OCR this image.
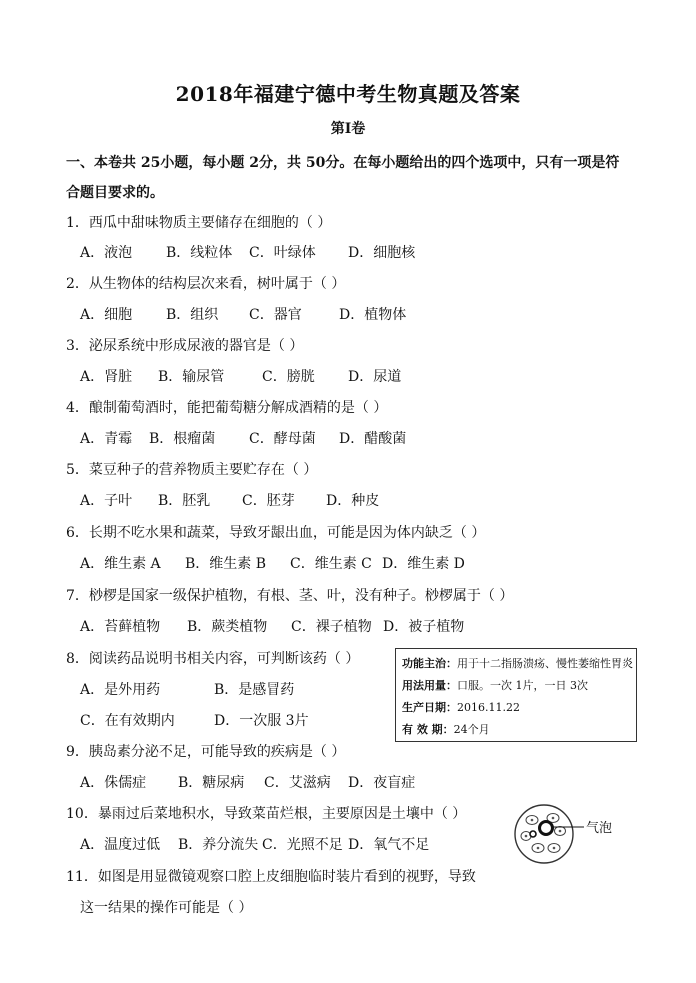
2018年福建宁德中考生物真题及答案
第Ⅰ卷
一、本卷共 25小题，每小题 2分，共 50分。在每小题给出的四个选项中，只有一项是符
合题目要求的。
1．西瓜中甜味物质主要储存在细胞的（ ）
A．液泡 B．线粒体 C．叶绿体 D．细胞核
2．从生物体的结构层次来看，树叶属于（ ）
A．细胞 B．组织 C．器官	D．植物体
3．泌尿系统中形成尿液的器官是（ ）
A．肾脏 B．输尿管	C．膀胱 D．尿道
4．酿制葡萄酒时，能把葡萄糖分解成酒精的是（ ）
A．青霉 B．根瘤菌 C．酵母菌 D．醋酸菌
5．菜豆种子的营养物质主要贮存在（ ）
A．子叶 B．胚乳 C．胚芽 D．种皮
6．长期不吃水果和蔬菜，导致牙龈出血，可能是因为体内缺乏（ ）
A．维生素 A B．维生素 B C．维生素 C D．维生素 D
7．桫椤是国家一级保护植物，有根、茎、叶，没有种子。桫椤属于（ ）
A．苔藓植物 B．蕨类植物 C．裸子植物 D．被子植物
8．阅读药品说明书相关内容，可判断该药（ ）
A．是外用药	B．是感冒药
C．在有效期内	D．一次服 3片
功能主治：用于十二指肠溃疡、慢性萎缩性胃炎
用法用量：口服。一次 1片，一日 3次
生产日期：2016.11.22
有 效 期：24个月
9．胰岛素分泌不足，可能导致的疾病是（ ）
A．侏儒症 B．糖尿病 C．艾滋病 D．夜盲症
10．暴雨过后菜地积水，导致菜苗烂根，主要原因是土壤中（ ）
A．温度过低 B．养分流失 C．光照不足 D．氧气不足
气泡
11．如图是用显微镜观察口腔上皮细胞临时装片看到的视野，导致
这一结果的操作可能是（ ）
